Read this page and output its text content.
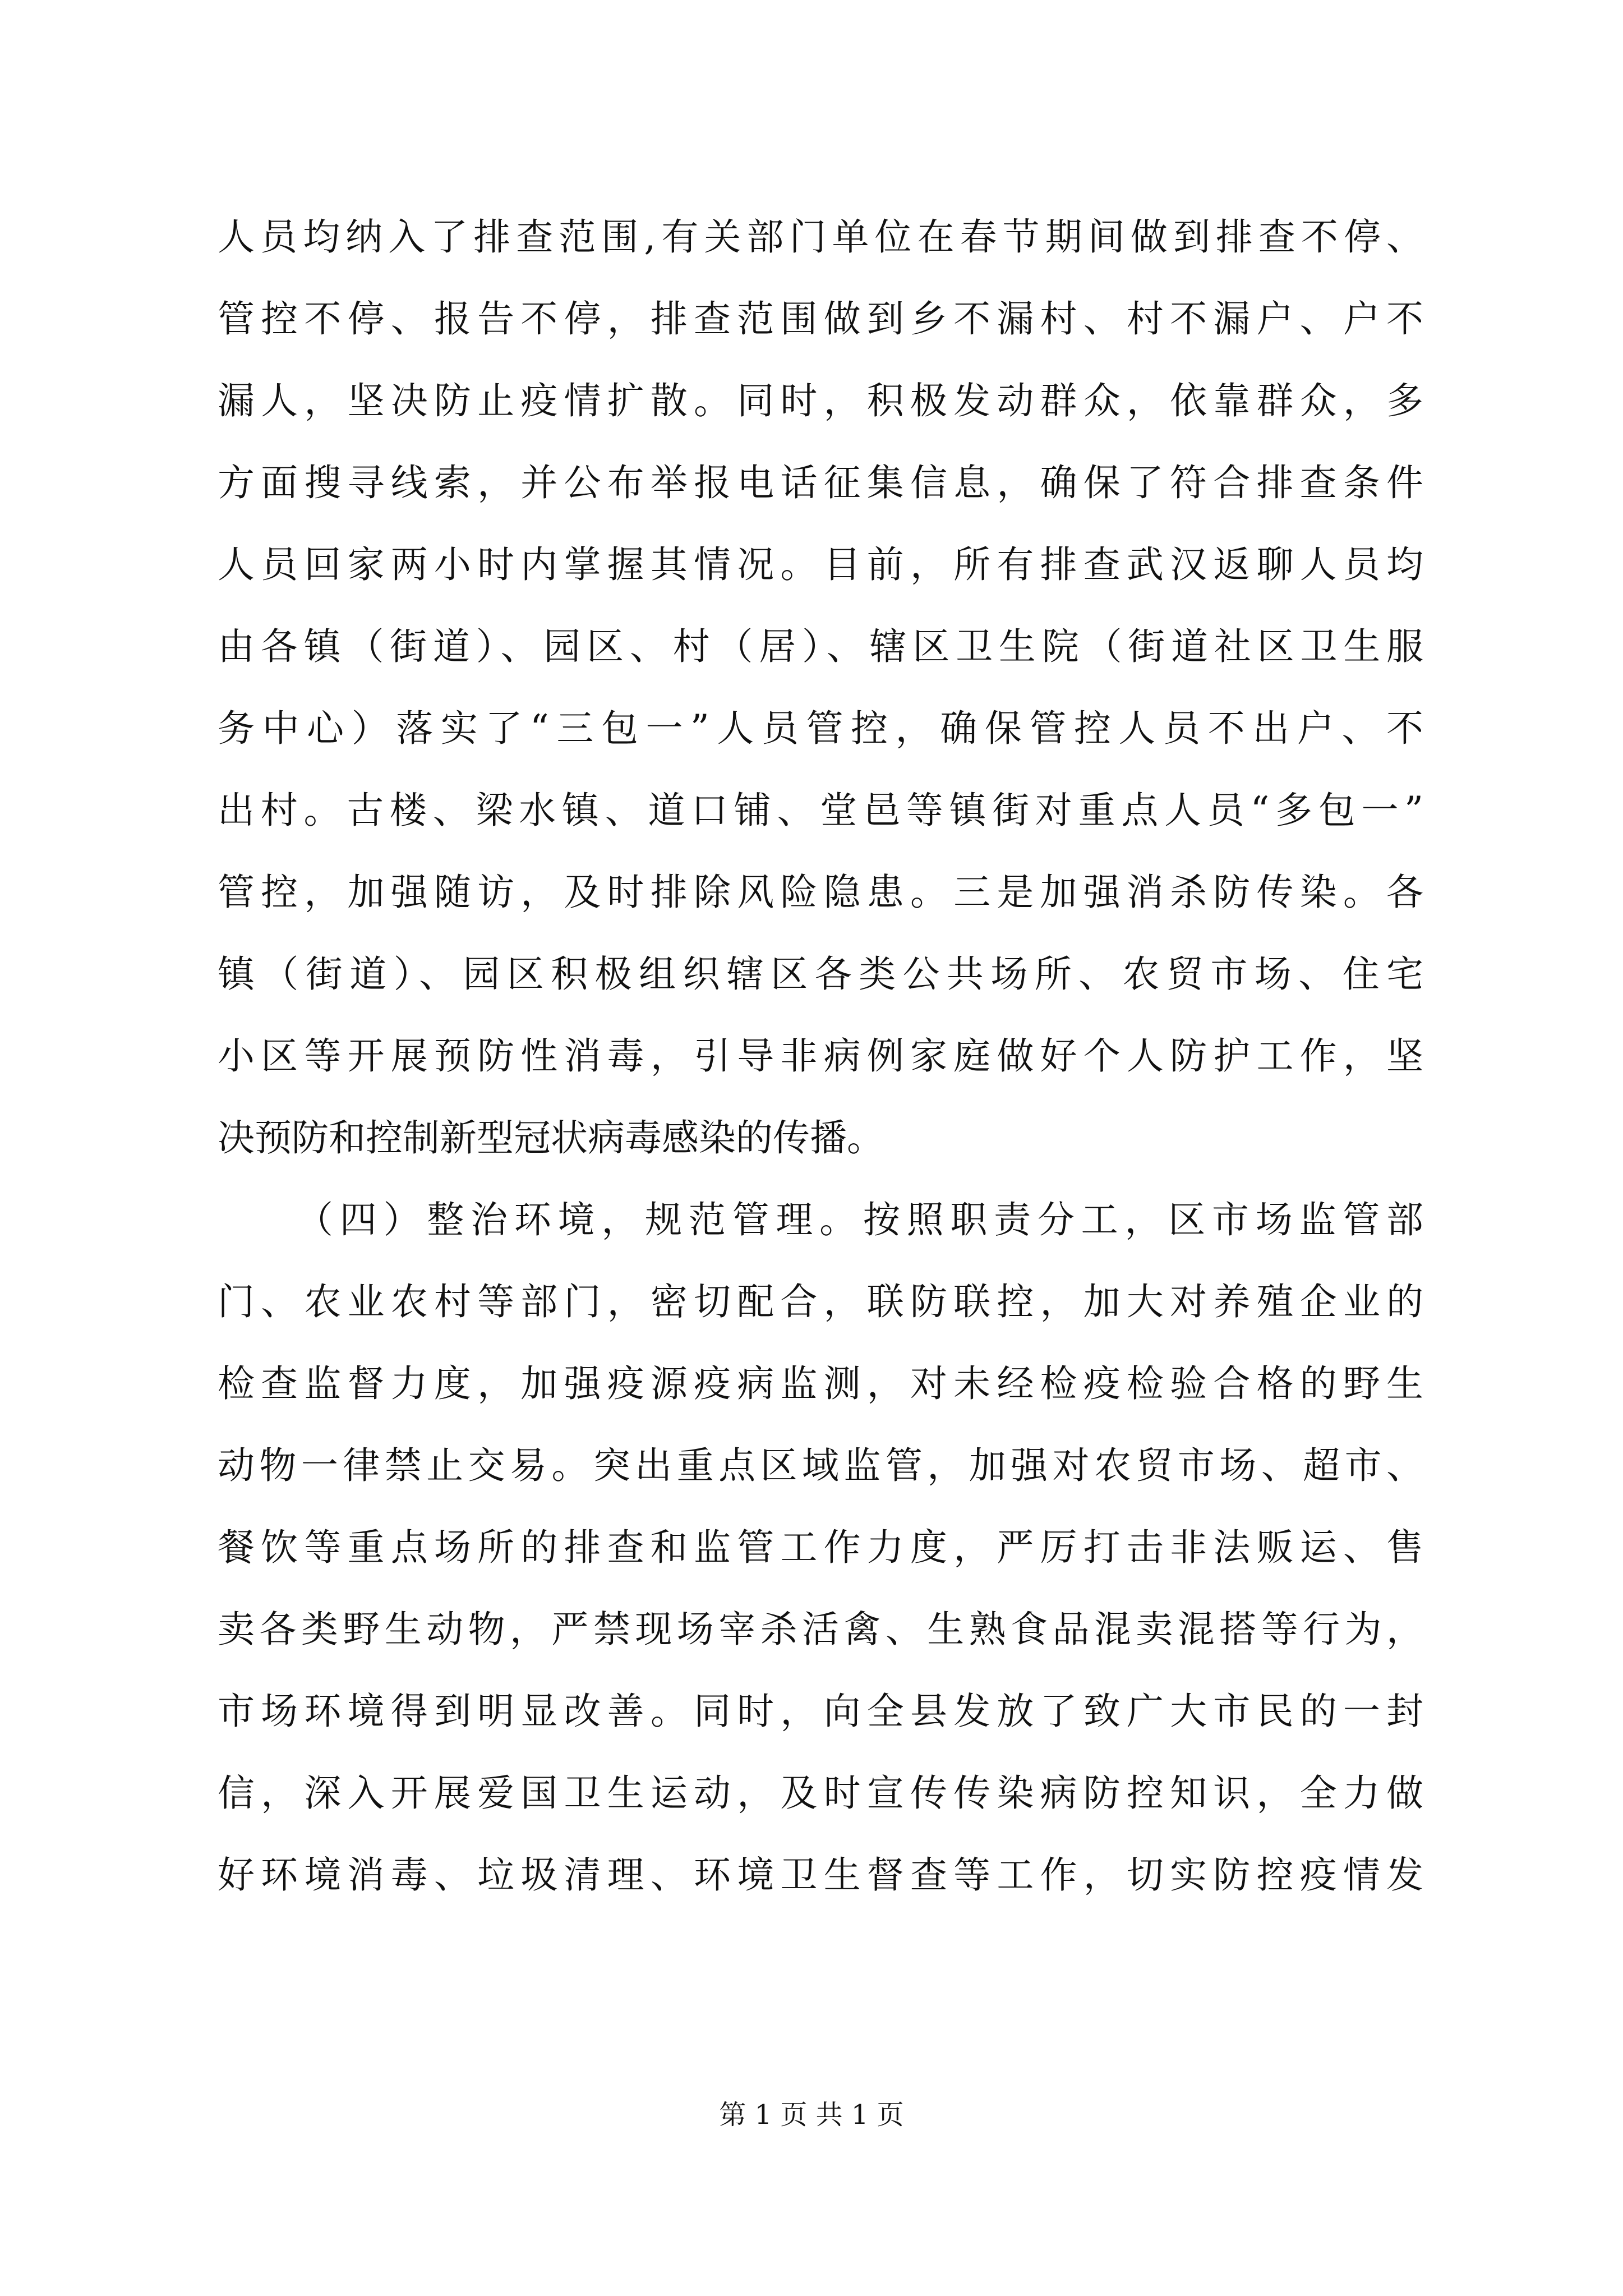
人员均纳入了排查范围,有关部门单位在春节期间做到排查不停、
管控不停、报告不停，排查范围做到乡不漏村、村不漏户、户不
漏人，坚决防止疫情扩散。同时，积极发动群众，依靠群众，多
方面搜寻线索，并公布举报电话征集信息，确保了符合排查条件
人员回家两小时内掌握其情况。目前，所有排查武汉返聊人员均
由各镇（街道）、园区、村（居）、辖区卫生院（街道社区卫生服
务中心）落实了“三包一”人员管控，确保管控人员不出户、不
出村。古楼、梁水镇、道口铺、堂邑等镇街对重点人员“多包一”
管控，加强随访，及时排除风险隐患。三是加强消杀防传染。各
镇（街道）、园区积极组织辖区各类公共场所、农贸市场、住宅
小区等开展预防性消毒，引导非病例家庭做好个人防护工作，坚
决预防和控制新型冠状病毒感染的传播。
（四）整治环境，规范管理。按照职责分工，区市场监管部
门、农业农村等部门，密切配合，联防联控，加大对养殖企业的
检查监督力度，加强疫源疫病监测，对未经检疫检验合格的野生
动物一律禁止交易。突出重点区域监管，加强对农贸市场、超市、
餐饮等重点场所的排查和监管工作力度，严厉打击非法贩运、售
卖各类野生动物，严禁现场宰杀活禽、生熟食品混卖混搭等行为，
市场环境得到明显改善。同时，向全县发放了致广大市民的一封
信，深入开展爱国卫生运动，及时宣传传染病防控知识，全力做
好环境消毒、垃圾清理、环境卫生督查等工作，切实防控疫情发
第 1 页 共 1 页
